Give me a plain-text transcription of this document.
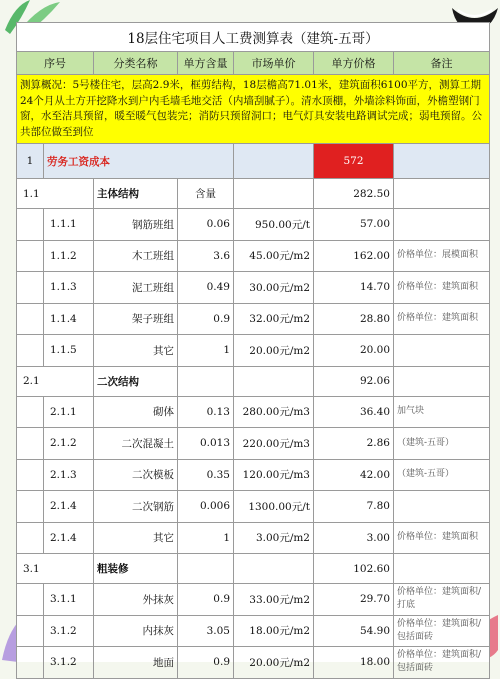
18层住宅项目人工费测算表（建筑-五哥）						
序号		分类名称	单方含量	市场单价	单方价格	备注
测算概况：5号楼住宅，层高2.9米，框剪结构，18层檐高71.01米，建筑面积6100平方，测算工期24个月从土方开挖降水到户内毛墙毛地交活（内墙刮腻子）。清水顶棚，外墙涂料饰面，外檐塑钢门窗，水至洁具预留，暖至暖气包装完；消防只预留洞口；电气灯具安装电路调试完成；弱电预留。公共部位做至到位						
1	劳务工资成本				572	
1.1		主体结构	含量		282.50	
	1.1.1	钢筋班组	0.06	950.00元/t	57.00	
	1.1.2	木工班组	3.6	45.00元/m2	162.00	价格单位：展模面积
	1.1.3	泥工班组	0.49	30.00元/m2	14.70	价格单位：建筑面积
	1.1.4	架子班组	0.9	32.00元/m2	28.80	价格单位：建筑面积
	1.1.5	其它	1	20.00元/m2	20.00	
2.1		二次结构			92.06	
	2.1.1	砌体	0.13	280.00元/m3	36.40	加气块
	2.1.2	二次混凝土	0.013	220.00元/m3	2.86	（建筑-五哥）
	2.1.3	二次模板	0.35	120.00元/m3	42.00	（建筑-五哥）
	2.1.4	二次钢筋	0.006	1300.00元/t	7.80	
	2.1.4	其它	1	3.00元/m2	3.00	价格单位：建筑面积
3.1		粗装修			102.60	
	3.1.1	外抹灰	0.9	33.00元/m2	29.70	价格单位：建筑面积/打底
	3.1.2	内抹灰	3.05	18.00元/m2	54.90	价格单位：建筑面积/包括面砖
	3.1.2	地面	0.9	20.00元/m2	18.00	价格单位：建筑面积/包括面砖
